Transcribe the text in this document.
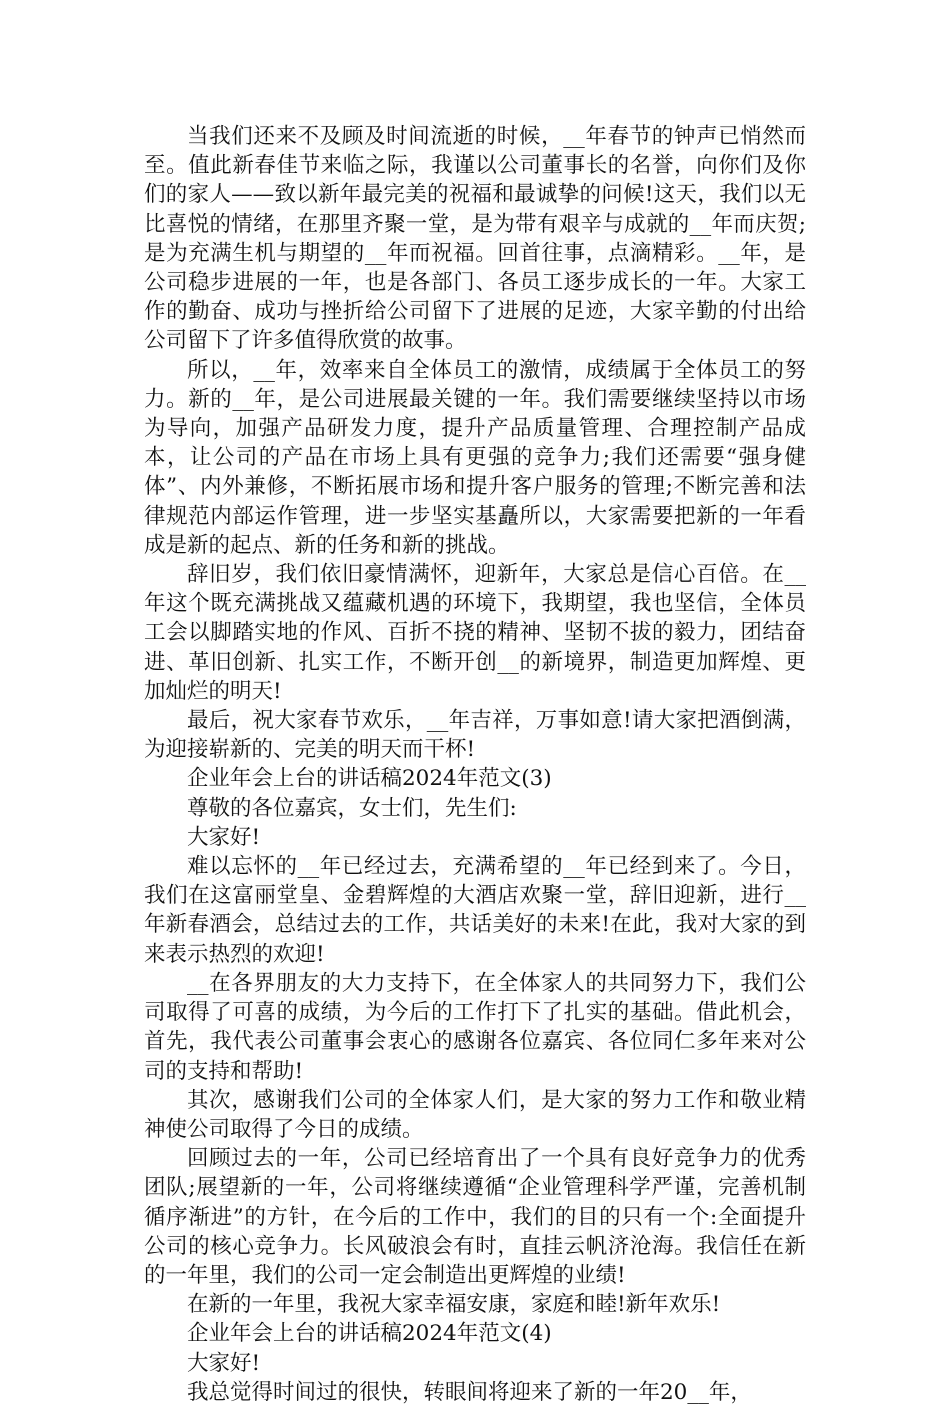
当我们还来不及顾及时间流逝的时候，__年春节的钟声已悄然而至。值此新春佳节来临之际，我谨以公司董事长的名誉，向你们及你们的家人——致以新年最完美的祝福和最诚挚的问候!这天，我们以无比喜悦的情绪，在那里齐聚一堂，是为带有艰辛与成就的__年而庆贺;是为充满生机与期望的__年而祝福。回首往事，点滴精彩。__年，是公司稳步进展的一年，也是各部门、各员工逐步成长的一年。大家工作的勤奋、成功与挫折给公司留下了进展的足迹，大家辛勤的付出给公司留下了许多值得欣赏的故事。

所以，__年，效率来自全体员工的激情，成绩属于全体员工的努力。新的__年，是公司进展最关键的一年。我们需要继续坚持以市场为导向，加强产品研发力度，提升产品质量管理、合理控制产品成本，让公司的产品在市场上具有更强的竞争力;我们还需要“强身健体”、内外兼修，不断拓展市场和提升客户服务的管理;不断完善和法律规范内部运作管理，进一步坚实基矗所以，大家需要把新的一年看成是新的起点、新的任务和新的挑战。

辞旧岁，我们依旧豪情满怀，迎新年，大家总是信心百倍。在__年这个既充满挑战又蕴藏机遇的环境下，我期望，我也坚信，全体员工会以脚踏实地的作风、百折不挠的精神、坚韧不拔的毅力，团结奋进、革旧创新、扎实工作，不断开创__的新境界，制造更加辉煌、更加灿烂的明天!

最后，祝大家春节欢乐，__年吉祥，万事如意!请大家把酒倒满，为迎接崭新的、完美的明天而干杯!

企业年会上台的讲话稿2024年范文(3)

尊敬的各位嘉宾，女士们，先生们:

大家好!

难以忘怀的__年已经过去，充满希望的__年已经到来了。今日，我们在这富丽堂皇、金碧辉煌的大酒店欢聚一堂，辞旧迎新，进行__年新春酒会，总结过去的工作，共话美好的未来!在此，我对大家的到来表示热烈的欢迎!

__在各界朋友的大力支持下，在全体家人的共同努力下，我们公司取得了可喜的成绩，为今后的工作打下了扎实的基础。借此机会，首先，我代表公司董事会衷心的感谢各位嘉宾、各位同仁多年来对公司的支持和帮助!

其次，感谢我们公司的全体家人们，是大家的努力工作和敬业精神使公司取得了今日的成绩。

回顾过去的一年，公司已经培育出了一个具有良好竞争力的优秀团队;展望新的一年，公司将继续遵循“企业管理科学严谨，完善机制循序渐进”的方针，在今后的工作中，我们的目的只有一个:全面提升公司的核心竞争力。长风破浪会有时，直挂云帆济沧海。我信任在新的一年里，我们的公司一定会制造出更辉煌的业绩!

在新的一年里，我祝大家幸福安康，家庭和睦!新年欢乐!

企业年会上台的讲话稿2024年范文(4)

大家好!

我总觉得时间过的很快，转眼间将迎来了新的一年20__年，
